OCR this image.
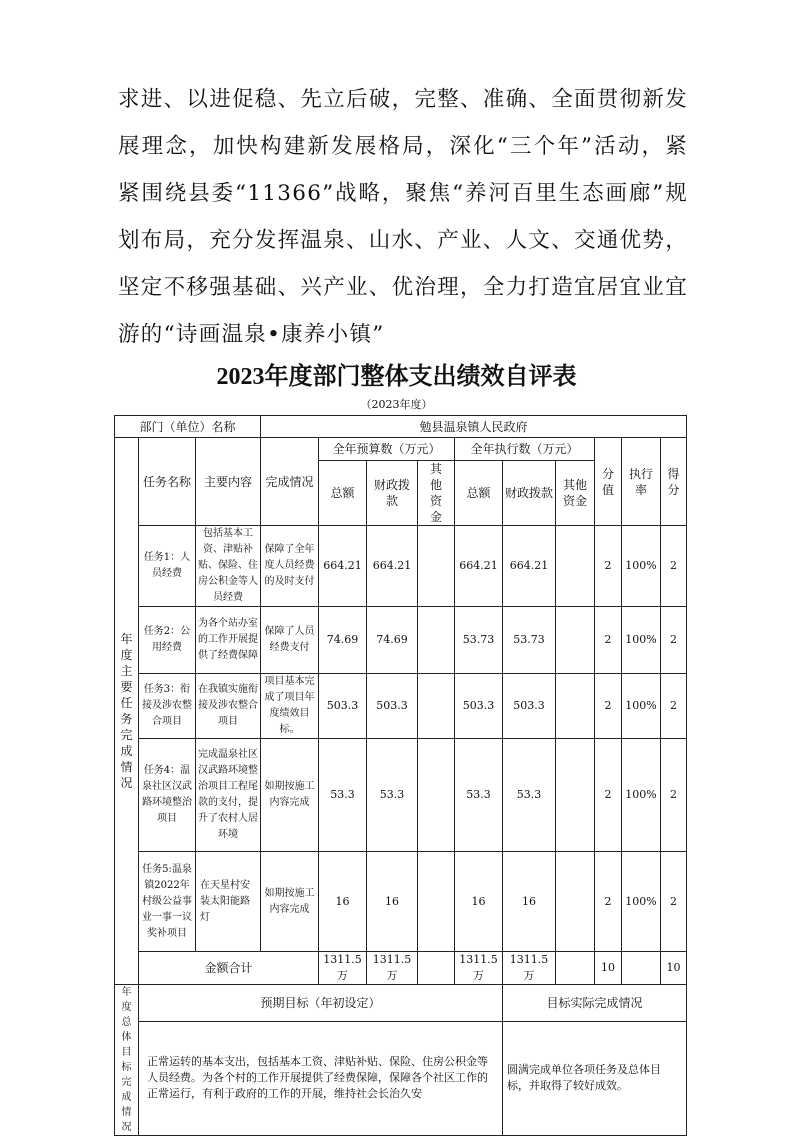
求进、以进促稳、先立后破，完整、准确、全面贯彻新发展理念，加快构建新发展格局，深化“三个年”活动，紧紧围绕县委“11366”战略，聚焦“养河百里生态画廊”规划布局，充分发挥温泉、山水、产业、人文、交通优势，坚定不移强基础、兴产业、优治理，全力打造宜居宜业宜游的“诗画温泉•康养小镇”
2023年度部门整体支出绩效自评表
（2023年度）
部门（单位）名称			勉县温泉镇人民政府									
年度主要任务完成情况	任务名称	主要内容	完成情况	全年预算数（万元）			全年执行数（万元）			分值	执行率	得分
				总额	财政拨款	其他资金	总额	财政拨款	其他资金			
	任务1：人员经费	包括基本工资、津贴补贴、保险、住房公积金等人员经费	保障了全年度人员经费的及时支付	664.21	664.21		664.21	664.21		2	100%	2
	任务2：公用经费	为各个站办室的工作开展提供了经费保障	保障了人员经费支付	74.69	74.69		53.73	53.73		2	100%	2
	任务3：衔接及涉农整合项目	在我镇实施衔接及涉农整合项目	项目基本完成了项目年度绩效目标。	503.3	503.3		503.3	503.3		2	100%	2
	任务4：温泉社区汉武路环境整治项目	完成温泉社区汉武路环境整治项目工程尾款的支付，提升了农村人居环境	如期按施工内容完成	53.3	53.3		53.3	53.3		2	100%	2
	任务5:温泉镇2022年村级公益事业一事一议奖补项目	在天星村安装太阳能路灯	如期按施工内容完成	16	16		16	16		2	100%	2
	金额合计			1311.5万	1311.5万		1311.5万	1311.5万		10		10
年度总体目标完成情况	预期目标（年初设定）							目标实际完成情况				
	正常运转的基本支出，包括基本工资、津贴补贴、保险、住房公积金等人员经费。为各个村的工作开展提供了经费保障，保障各个社区工作的正常运行，有利于政府的工作的开展，维持社会长治久安							圆满完成单位各项任务及总体目标，并取得了较好成效。				
